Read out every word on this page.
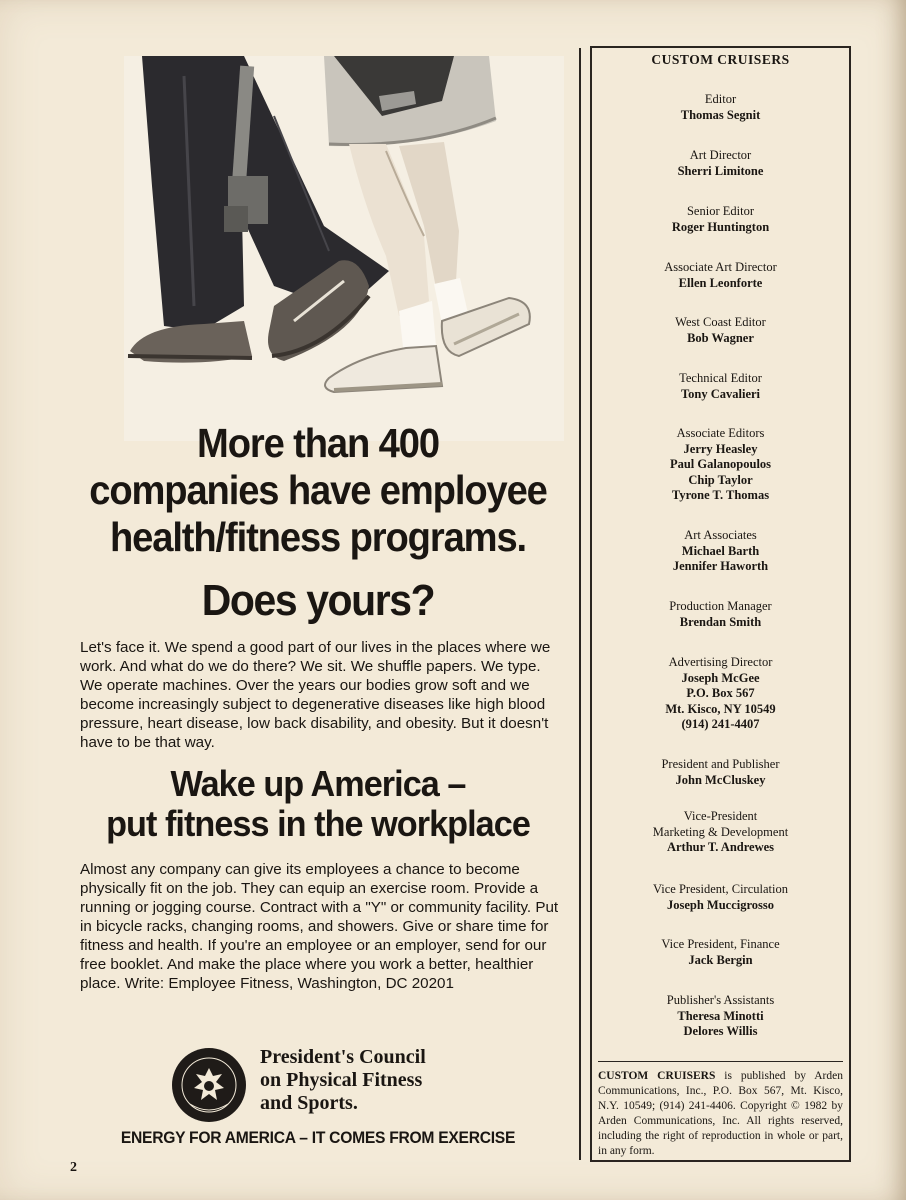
More than 400
companies have employee
health/fitness programs.
Does yours?
Let's face it. We spend a good part of our lives in the places where we work. And what do we do there? We sit. We shuffle papers. We type. We operate machines. Over the years our bodies grow soft and we become increasingly subject to degenerative diseases like high blood pressure, heart disease, low back disability, and obesity. But it doesn't have to be that way.
Wake up America –
put fitness in the workplace
Almost any company can give its employees a chance to become physically fit on the job. They can equip an exercise room. Provide a running or jogging course. Contract with a "Y" or community facility. Put in bicycle racks, changing rooms, and showers. Give or share time for fitness and health. If you're an employee or an employer, send for our free booklet. And make the place where you work a better, healthier place. Write: Employee Fitness, Washington, DC 20201
President's Council
on Physical Fitness
and Sports.
ENERGY FOR AMERICA – IT COMES FROM EXERCISE
2
CUSTOM CRUISERS
Editor
Thomas Segnit
Art Director
Sherri Limitone
Senior Editor
Roger Huntington
Associate Art Director
Ellen Leonforte
West Coast Editor
Bob Wagner
Technical Editor
Tony Cavalieri
Associate Editors
Jerry Heasley
Paul Galanopoulos
Chip Taylor
Tyrone T. Thomas
Art Associates
Michael Barth
Jennifer Haworth
Production Manager
Brendan Smith
Advertising Director
Joseph McGee
P.O. Box 567
Mt. Kisco, NY 10549
(914) 241-4407
President and Publisher
John McCluskey
Vice-President
Marketing & Development
Arthur T. Andrewes
Vice President, Circulation
Joseph Muccigrosso
Vice President, Finance
Jack Bergin
Publisher's Assistants
Theresa Minotti
Delores Willis
CUSTOM CRUISERS is published by Arden Communications, Inc., P.O. Box 567, Mt. Kisco, N.Y. 10549; (914) 241-4406. Copyright © 1982 by Arden Communications, Inc. All rights reserved, including the right of reproduction in whole or part, in any form.
